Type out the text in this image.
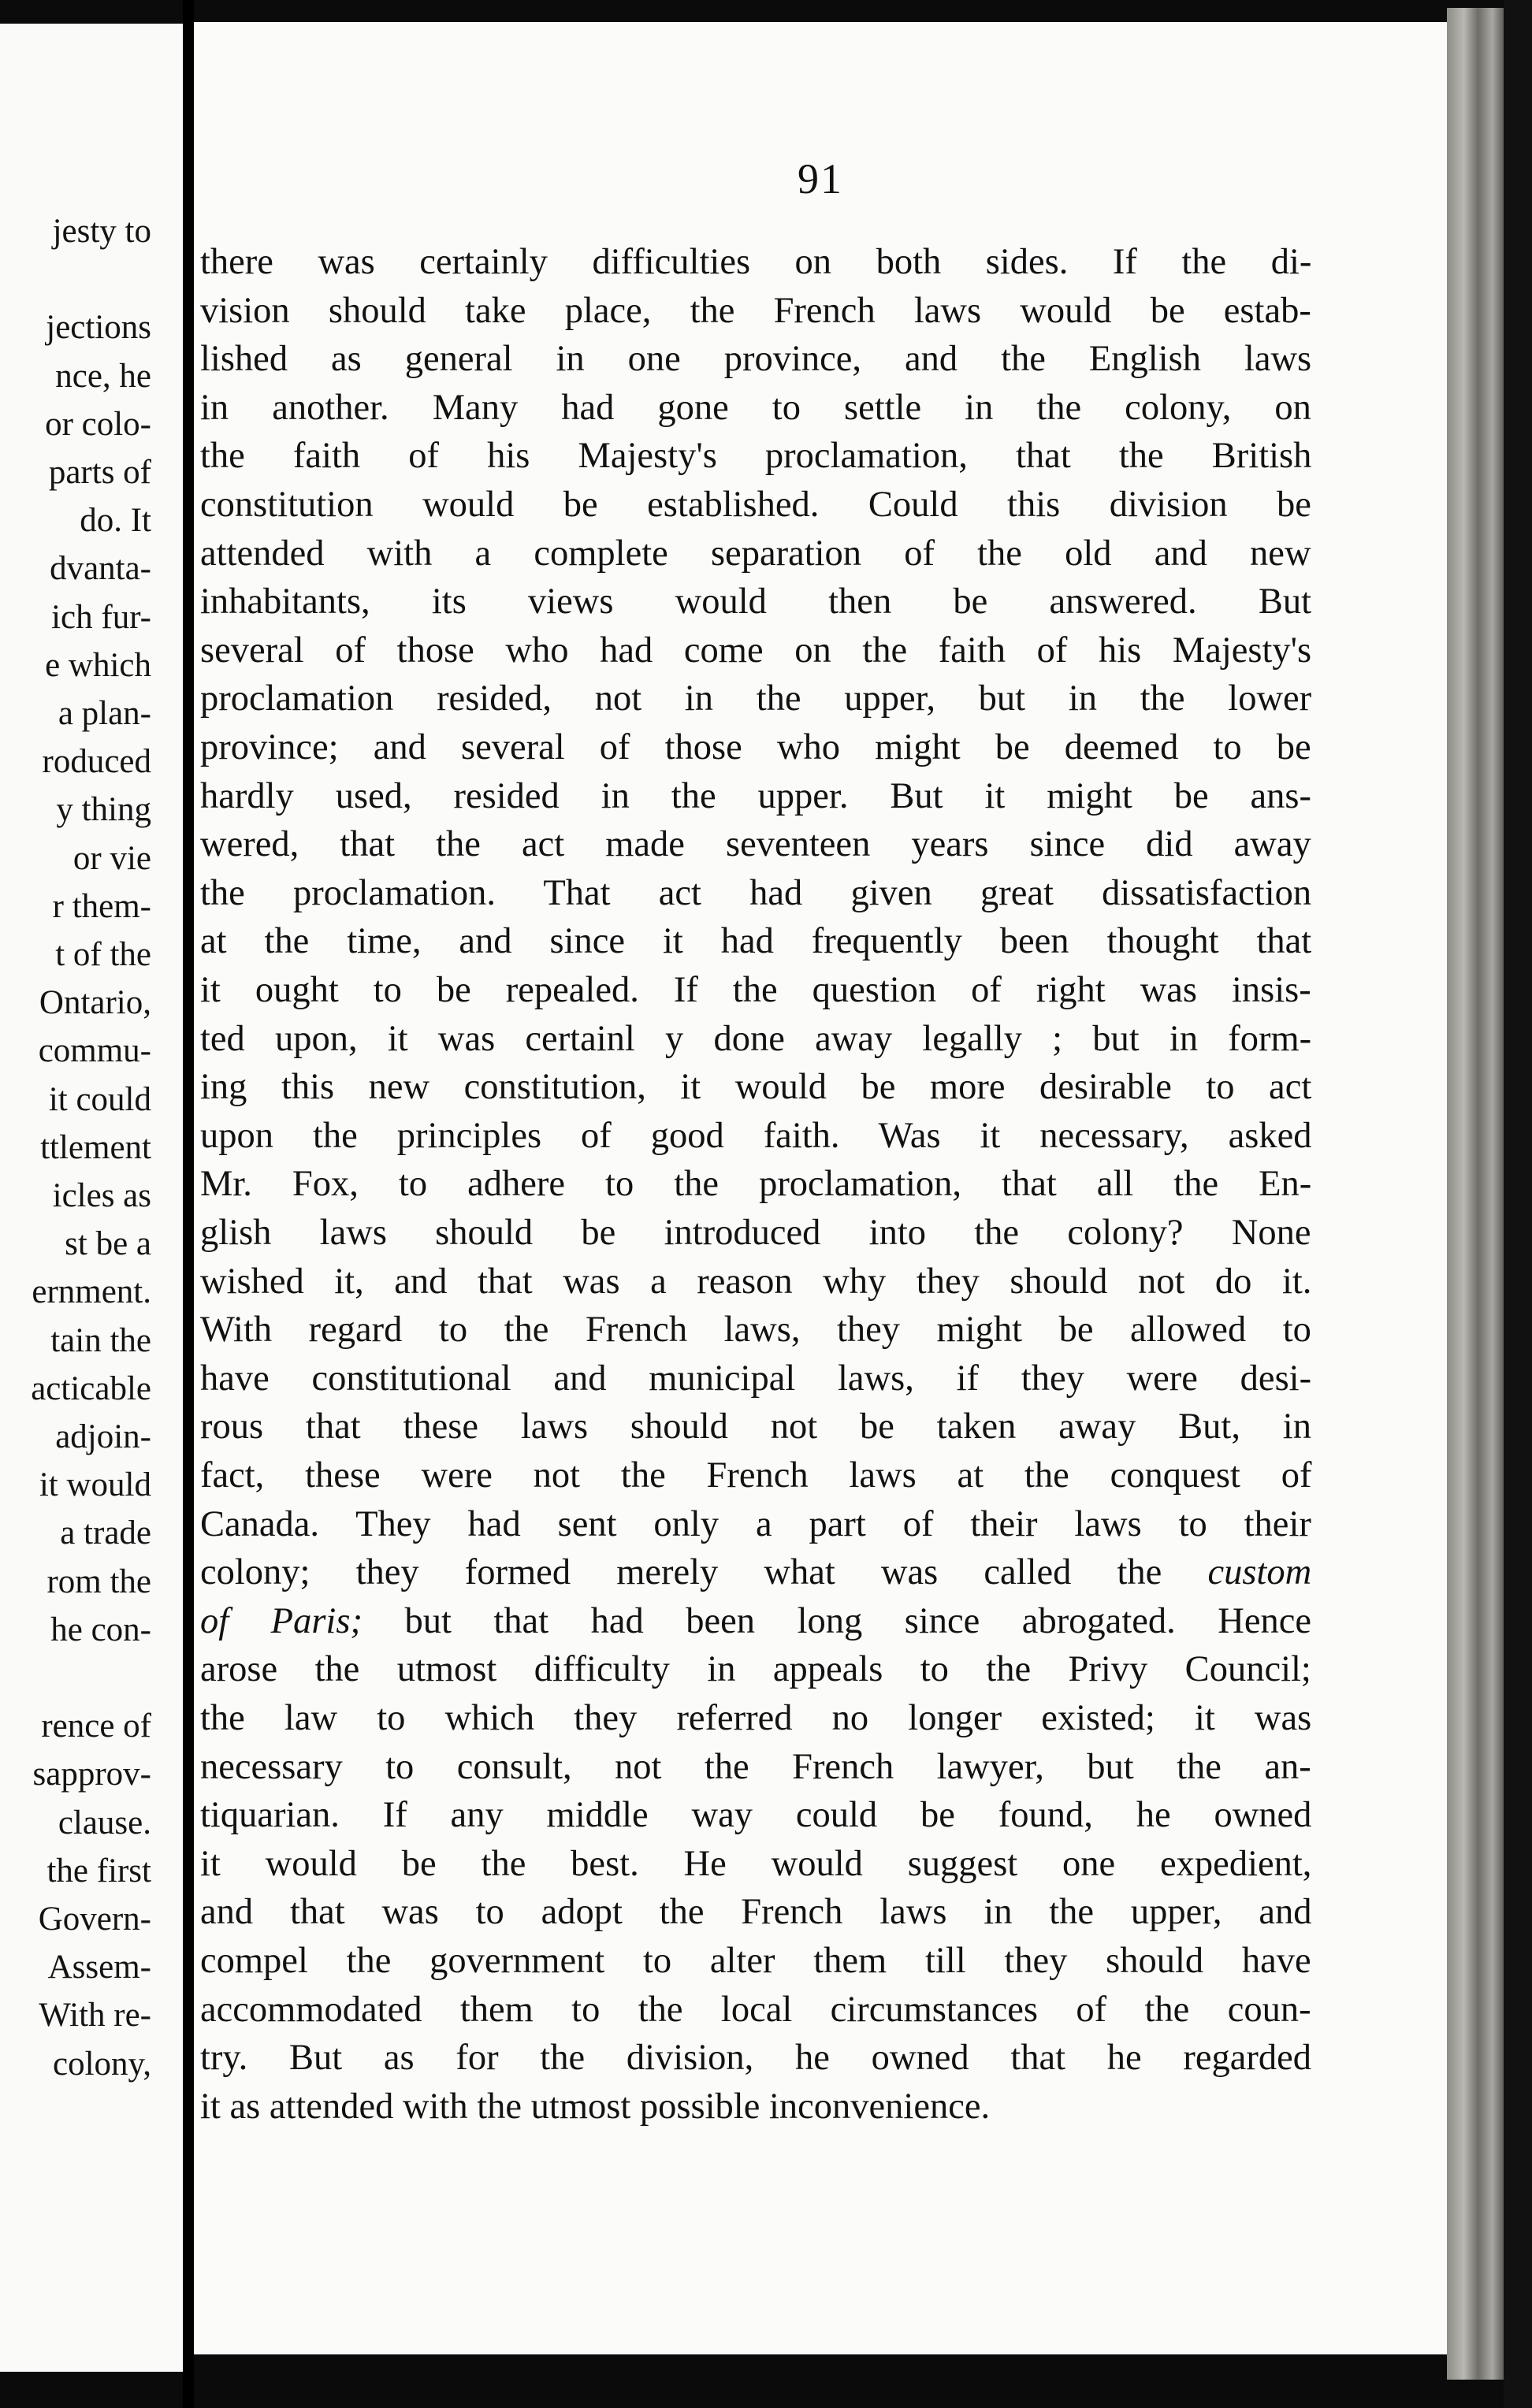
jesty to
jections
nce, he
or colo-
parts of
do. It
dvanta-
ich fur-
e which
a plan-
roduced
y thing
or vie
r them-
t of the
Ontario,
commu-
it could
ttlement
icles as
st be a
ernment.
tain the
acticable
adjoin-
it would
a trade
rom the
he con-
rence of
sapprov-
clause.
the first
Govern-
Assem-
With re-
colony,
91
there was certainly difficulties on both sides. If the di-
vision should take place, the French laws would be estab-
lished as general in one province, and the English laws
in another. Many had gone to settle in the colony, on
the faith of his Majesty's proclamation, that the British
constitution would be established. Could this division be
attended with a complete separation of the old and new
inhabitants, its views would then be answered. But
several of those who had come on the faith of his Majesty's
proclamation resided, not in the upper, but in the lower
province; and several of those who might be deemed to be
hardly used, resided in the upper. But it might be ans-
wered, that the act made seventeen years since did away
the proclamation. That act had given great dissatisfaction
at the time, and since it had frequently been thought that
it ought to be repealed. If the question of right was insis-
ted upon, it was certainl y done away legally ; but in form-
ing this new constitution, it would be more desirable to act
upon the principles of good faith. Was it necessary, asked
Mr. Fox, to adhere to the proclamation, that all the En-
glish laws should be introduced into the colony? None
wished it, and that was a reason why they should not do it.
With regard to the French laws, they might be allowed to
have constitutional and municipal laws, if they were desi-
rous that these laws should not be taken away But, in
fact, these were not the French laws at the conquest of
Canada. They had sent only a part of their laws to their
colony; they formed merely what was called the custom
of Paris; but that had been long since abrogated. Hence
arose the utmost difficulty in appeals to the Privy Council;
the law to which they referred no longer existed; it was
necessary to consult, not the French lawyer, but the an-
tiquarian. If any middle way could be found, he owned
it would be the best. He would suggest one expedient,
and that was to adopt the French laws in the upper, and
compel the government to alter them till they should have
accommodated them to the local circumstances of the coun-
try. But as for the division, he owned that he regarded
it as attended with the utmost possible inconvenience.
